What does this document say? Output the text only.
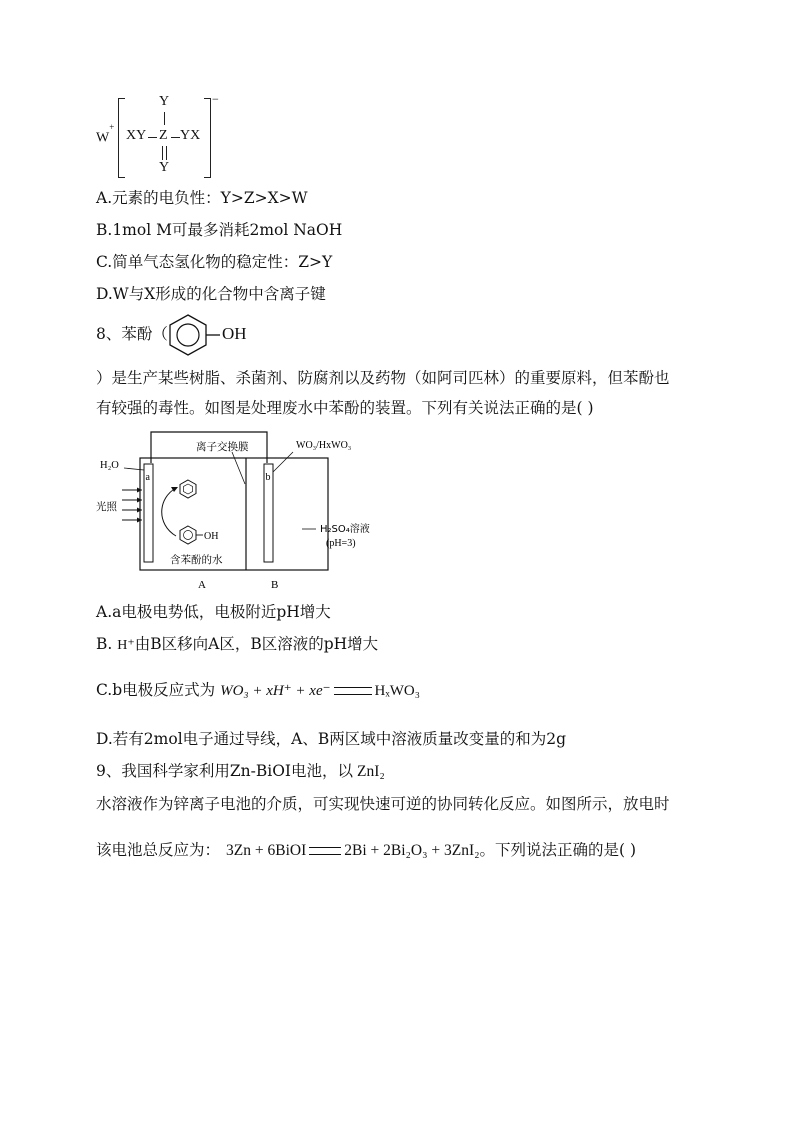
W+
−
Y
XY Z YX
Y
A.元素的电负性：Y>Z>X>W
B.1mol M可最多消耗2mol NaOH
C.简单气态氢化物的稳定性：Z>Y
D.W与X形成的化合物中含离子键
8、苯酚（	OH
）是生产某些树脂、杀菌剂、防腐剂以及药物（如阿司匹林）的重要原料，但苯酚也
有较强的毒性。如图是处理废水中苯酚的装置。下列有关说法正确的是( )
离子交换膜	WO₃/HxWO₃
H₂O
光照
a	b
OH
含苯酚的水
H₂SO₄溶液
(pH=3)
A	B
A.a电极电势低，电极附近pH增大
B. H⁺由B区移向A区，B区溶液的pH增大
C.b电极反应式为 WO₃ + xH⁺ + xe⁻	HₓWO₃
D.若有2mol电子通过导线，A、B两区域中溶液质量改变量的和为2g
9、我国科学家利用Zn-BiOI电池，以 ZnI₂
水溶液作为锌离子电池的介质，可实现快速可逆的协同转化反应。如图所示，放电时
该电池总反应为： 3Zn + 6BiOI 2Bi + 2Bi₂O₃ + 3ZnI₂。下列说法正确的是( )
